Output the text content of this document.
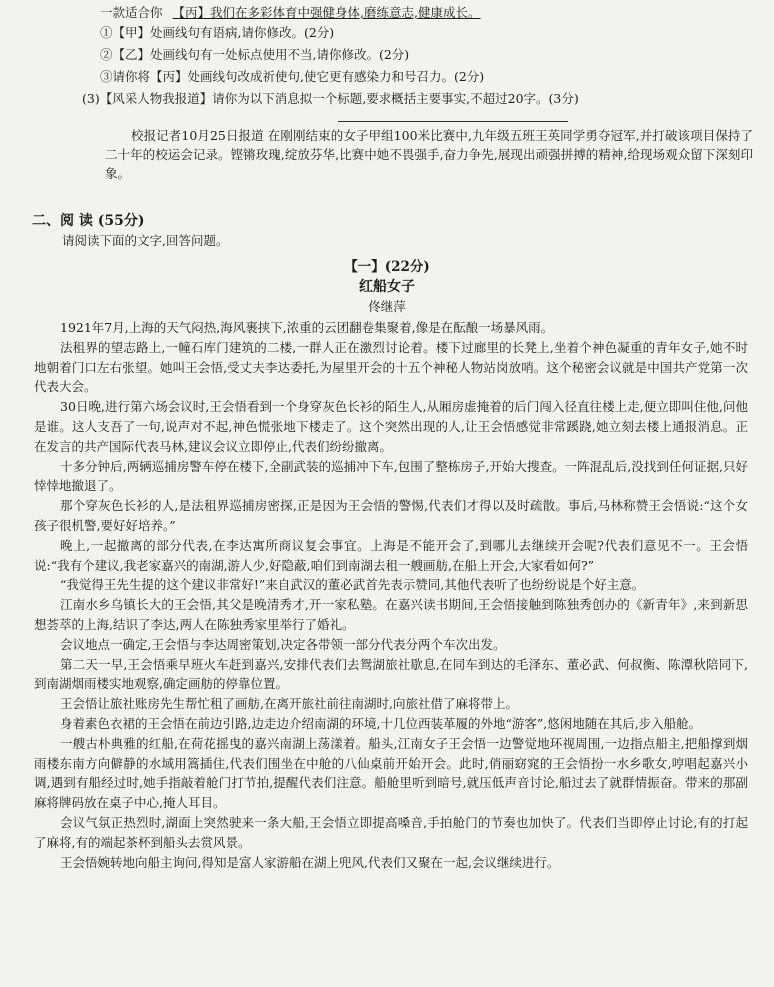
一款适合你 【丙】我们在多彩体育中强健身体,磨练意志,健康成长。
①【甲】处画线句有语病,请你修改。(2分)
②【乙】处画线句有一处标点使用不当,请你修改。(2分)
③请你将【丙】处画线句改成祈使句,使它更有感染力和号召力。(2分)
(3)【风采人物我报道】请你为以下消息拟一个标题,要求概括主要事实,不超过20字。(3分)
校报记者10月25日报道 在刚刚结束的女子甲组100米比赛中,九年级五班王英同学勇夺冠军,并打破该项目保持了二十年的校运会记录。铿锵玫瑰,绽放芬华,比赛中她不畏强手,奋力争先,展现出顽强拼搏的精神,给现场观众留下深刻印象。
二、阅 读 (55分)
请阅读下面的文字,回答问题。
【一】(22分)
红船女子
佟继萍
1921年7月,上海的天气闷热,海风裹挟下,浓重的云团翻卷集聚着,像是在酝酿一场暴风雨。
法租界的望志路上,一幢石库门建筑的二楼,一群人正在激烈讨论着。楼下过廊里的长凳上,坐着个神色凝重的青年女子,她不时地朝着门口左右张望。她叫王会悟,受丈夫李达委托,为屋里开会的十五个神秘人物站岗放哨。这个秘密会议就是中国共产党第一次代表大会。
30日晚,进行第六场会议时,王会悟看到一个身穿灰色长衫的陌生人,从厢房虚掩着的后门闯入径直往楼上走,便立即叫住他,问他是谁。这人支吾了一句,说声对不起,神色慌张地下楼走了。这个突然出现的人,让王会悟感觉非常蹊跷,她立刻去楼上通报消息。正在发言的共产国际代表马林,建议会议立即停止,代表们纷纷撤离。
十多分钟后,两辆巡捕房警车停在楼下,全副武装的巡捕冲下车,包围了整栋房子,开始大搜查。一阵混乱后,没找到任何证据,只好悻悻地撤退了。
那个穿灰色长衫的人,是法租界巡捕房密探,正是因为王会悟的警惕,代表们才得以及时疏散。事后,马林称赞王会悟说:“这个女孩子很机警,要好好培养。”
晚上,一起撤离的部分代表,在李达寓所商议复会事宜。上海是不能开会了,到哪儿去继续开会呢?代表们意见不一。王会悟说:“我有个建议,我老家嘉兴的南湖,游人少,好隐蔽,咱们到南湖去租一艘画舫,在船上开会,大家看如何?”
“我觉得王先生提的这个建议非常好!”来自武汉的董必武首先表示赞同,其他代表听了也纷纷说是个好主意。
江南水乡乌镇长大的王会悟,其父是晚清秀才,开一家私塾。在嘉兴读书期间,王会悟接触到陈独秀创办的《新青年》,来到新思想荟萃的上海,结识了李达,两人在陈独秀家里举行了婚礼。
会议地点一确定,王会悟与李达周密策划,决定各带领一部分代表分两个车次出发。
第二天一早,王会悟乘早班火车赶到嘉兴,安排代表们去鸳湖旅社歇息,在同车到达的毛泽东、董必武、何叔衡、陈潭秋陪同下,到南湖烟雨楼实地观察,确定画舫的停靠位置。
王会悟让旅社账房先生帮忙租了画舫,在离开旅社前往南湖时,向旅社借了麻将带上。
身着素色衣裙的王会悟在前边引路,边走边介绍南湖的环境,十几位西装革履的外地“游客”,悠闲地随在其后,步入船舱。
一艘古朴典雅的红船,在荷花摇曳的嘉兴南湖上荡漾着。船头,江南女子王会悟一边警觉地环视周围,一边指点船主,把船撑到烟雨楼东南方向僻静的水域用篙插住,代表们围坐在中舱的八仙桌前开始开会。此时,俏丽窈窕的王会悟扮一水乡歌女,哼唱起嘉兴小调,遇到有船经过时,她手指敲着舱门打节拍,提醒代表们注意。船舱里听到暗号,就压低声音讨论,船过去了就群情振奋。带来的那副麻将牌码放在桌子中心,掩人耳目。
会议气氛正热烈时,湖面上突然驶来一条大船,王会悟立即提高嗓音,手拍舱门的节奏也加快了。代表们当即停止讨论,有的打起了麻将,有的端起茶杯到船头去赏风景。
王会悟婉转地向船主询问,得知是富人家游船在湖上兜风,代表们又聚在一起,会议继续进行。
